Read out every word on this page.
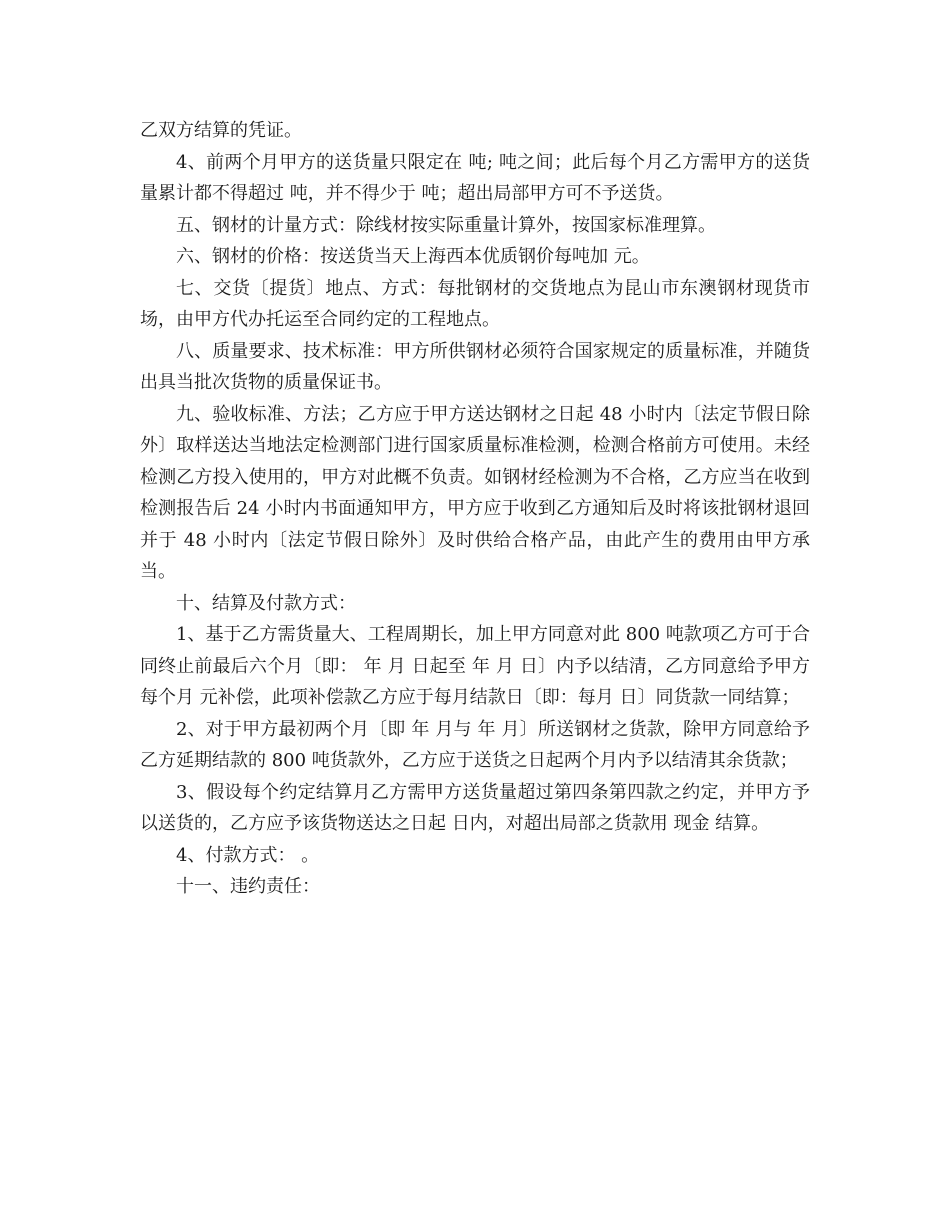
乙双方结算的凭证。

4、前两个月甲方的送货量只限定在 吨; 吨之间；此后每个月乙方需甲方的送货量累计都不得超过 吨，并不得少于 吨；超出局部甲方可不予送货。

五、钢材的计量方式：除线材按实际重量计算外，按国家标准理算。

六、钢材的价格：按送货当天上海西本优质钢价每吨加 元。

七、交货〔提货〕地点、方式：每批钢材的交货地点为昆山市东澳钢材现货市场，由甲方代办托运至合同约定的工程地点。

八、质量要求、技术标准：甲方所供钢材必须符合国家规定的质量标准，并随货出具当批次货物的质量保证书。

九、验收标准、方法；乙方应于甲方送达钢材之日起 48 小时内〔法定节假日除外〕取样送达当地法定检测部门进行国家质量标准检测，检测合格前方可使用。未经检测乙方投入使用的，甲方对此概不负责。如钢材经检测为不合格，乙方应当在收到检测报告后 24 小时内书面通知甲方，甲方应于收到乙方通知后及时将该批钢材退回并于 48 小时内〔法定节假日除外〕及时供给合格产品，由此产生的费用由甲方承当。

十、结算及付款方式：

1、基于乙方需货量大、工程周期长，加上甲方同意对此 800 吨款项乙方可于合同终止前最后六个月〔即： 年 月 日起至 年 月 日〕内予以结清，乙方同意给予甲方每个月 元补偿，此项补偿款乙方应于每月结款日〔即：每月 日〕同货款一同结算；

2、对于甲方最初两个月〔即 年 月与 年 月〕所送钢材之货款，除甲方同意给予乙方延期结款的 800 吨货款外，乙方应于送货之日起两个月内予以结清其余货款；

3、假设每个约定结算月乙方需甲方送货量超过第四条第四款之约定，并甲方予以送货的，乙方应予该货物送达之日起 日内，对超出局部之货款用 现金 结算。

4、付款方式： 。

十一、违约责任：
